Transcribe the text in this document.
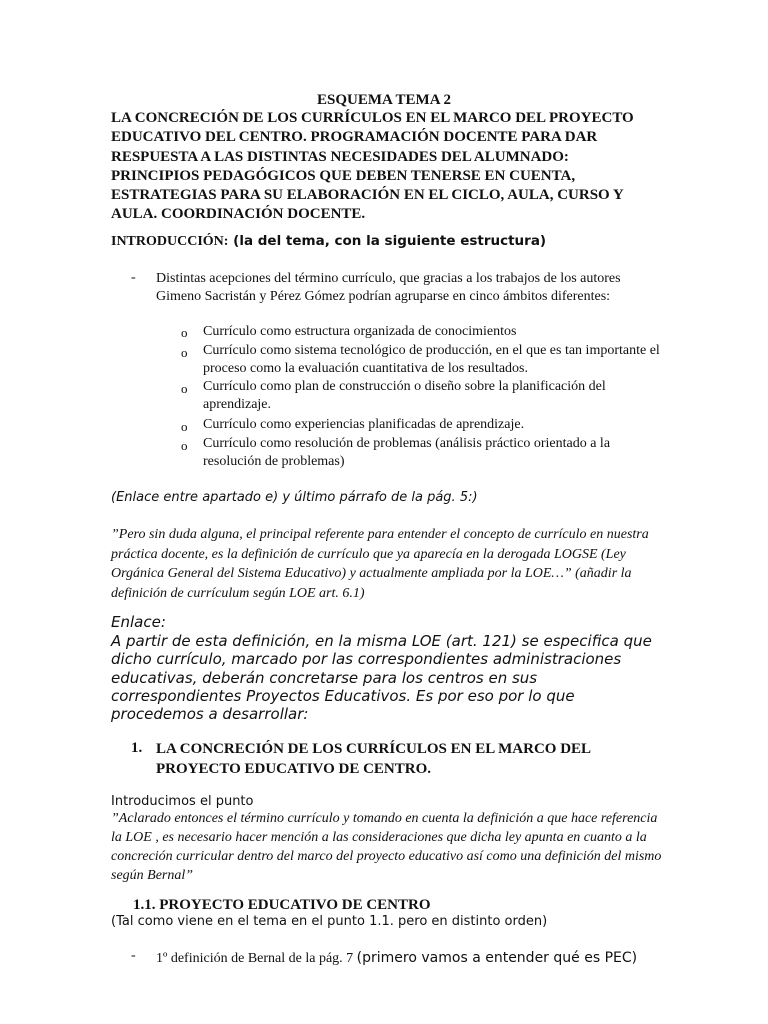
ESQUEMA TEMA 2
LA CONCRECIÓN DE LOS CURRÍCULOS EN EL MARCO DEL PROYECTO
EDUCATIVO DEL CENTRO. PROGRAMACIÓN DOCENTE PARA DAR
RESPUESTA A LAS DISTINTAS NECESIDADES DEL ALUMNADO:
PRINCIPIOS PEDAGÓGICOS QUE DEBEN TENERSE EN CUENTA,
ESTRATEGIAS PARA SU ELABORACIÓN EN EL CICLO, AULA, CURSO Y
AULA. COORDINACIÓN DOCENTE.
INTRODUCCIÓN: (la del tema, con la siguiente estructura)
- Distintas acepciones del término currículo, que gracias a los trabajos de los autores Gimeno Sacristán y Pérez Gómez podrían agruparse en cinco ámbitos diferentes:
o Currículo como estructura organizada de conocimientos
o Currículo como sistema tecnológico de producción, en el que es tan importante el proceso como la evaluación cuantitativa de los resultados.
o Currículo como plan de construcción o diseño sobre la planificación del aprendizaje.
o Currículo como experiencias planificadas de aprendizaje.
o Currículo como resolución de problemas (análisis práctico orientado a la resolución de problemas)
(Enlace entre apartado e) y último párrafo de la pág. 5:)
”Pero sin duda alguna, el principal referente para entender el concepto de currículo en nuestra práctica docente, es la definición de currículo que ya aparecía en la derogada LOGSE (Ley Orgánica General del Sistema Educativo) y actualmente ampliada por la LOE…” (añadir la definición de currículum según LOE art. 6.1)
Enlace:
A partir de esta definición, en la misma LOE (art. 121) se especifica que dicho currículo, marcado por las correspondientes administraciones educativas, deberán concretarse para los centros en sus correspondientes Proyectos Educativos. Es por eso por lo que procedemos a desarrollar:
1. LA CONCRECIÓN DE LOS CURRÍCULOS EN EL MARCO DEL PROYECTO EDUCATIVO DE CENTRO.
Introducimos el punto
”Aclarado entonces el término currículo y tomando en cuenta la definición a que hace referencia la LOE , es necesario hacer mención a las consideraciones que dicha ley apunta en cuanto a la concreción curricular dentro del marco del proyecto educativo así como una definición del mismo según Bernal”
1.1. PROYECTO EDUCATIVO DE CENTRO
(Tal como viene en el tema en el punto 1.1. pero en distinto orden)
- 1º definición de Bernal de la pág. 7 (primero vamos a entender qué es PEC)
